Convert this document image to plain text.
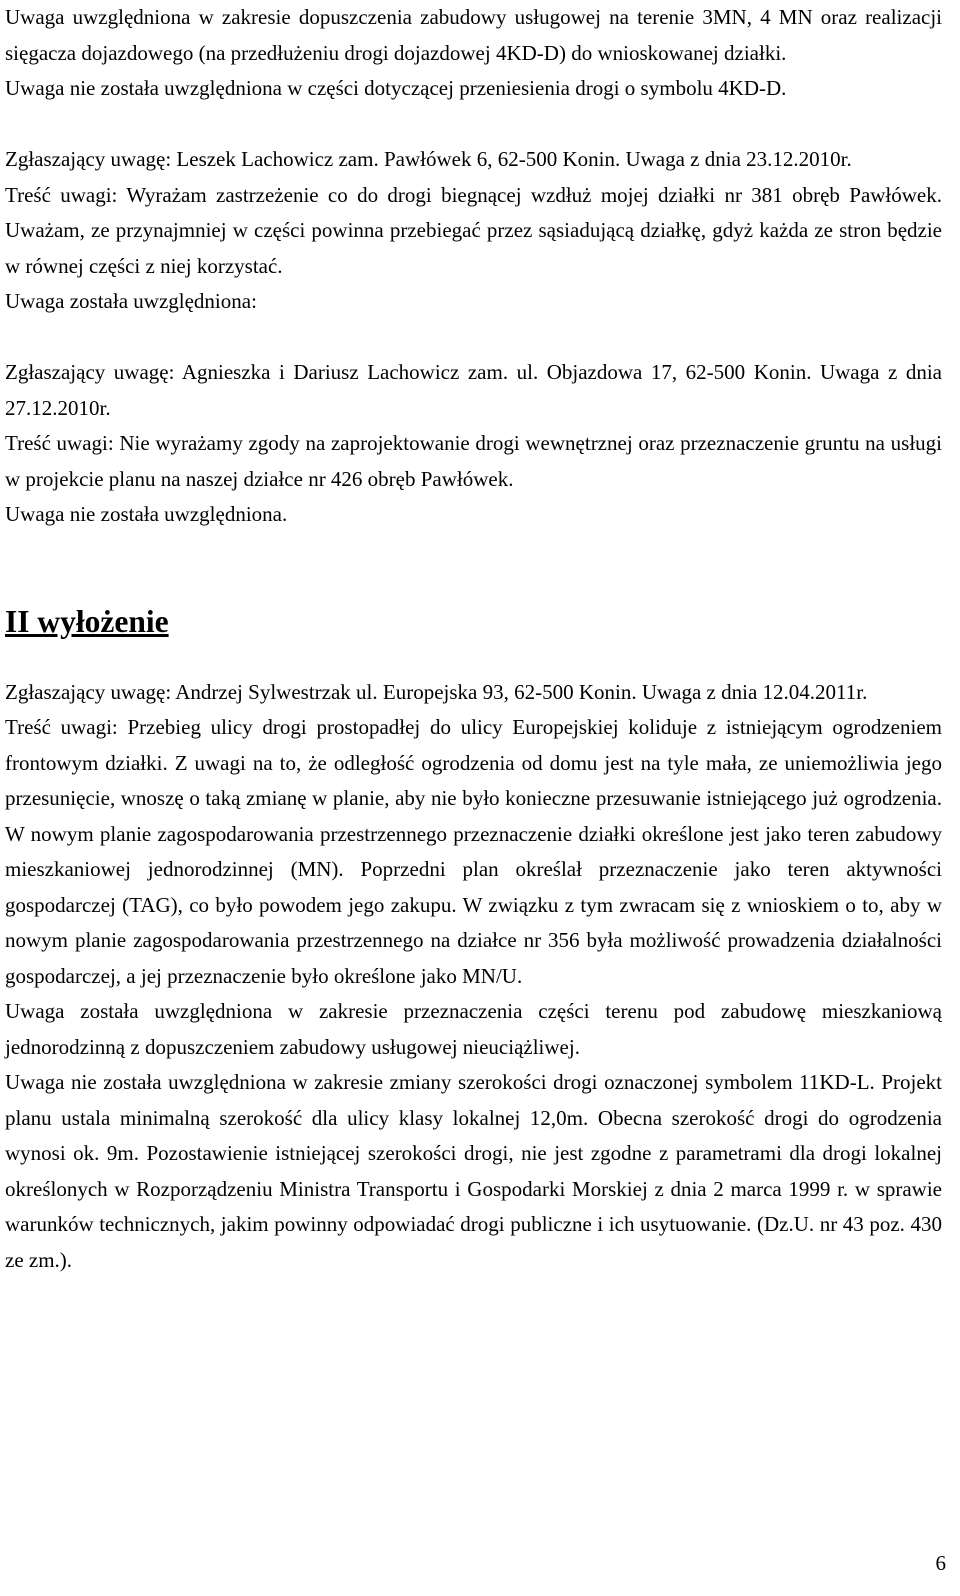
Uwaga uwzględniona w zakresie dopuszczenia zabudowy usługowej na terenie 3MN, 4 MN oraz realizacji sięgacza dojazdowego (na przedłużeniu drogi dojazdowej 4KD-D) do wnioskowanej działki.

Uwaga nie została uwzględniona w części dotyczącej przeniesienia drogi o symbolu 4KD-D.

Zgłaszający uwagę: Leszek Lachowicz zam. Pawłówek 6, 62-500 Konin. Uwaga z dnia 23.12.2010r.

Treść uwagi: Wyrażam zastrzeżenie co do drogi biegnącej wzdłuż mojej działki nr 381 obręb Pawłówek. Uważam, ze przynajmniej w części powinna przebiegać przez sąsiadującą działkę, gdyż każda ze stron będzie w równej części z niej korzystać.

Uwaga została uwzględniona:

Zgłaszający uwagę: Agnieszka i Dariusz Lachowicz zam. ul. Objazdowa 17, 62-500 Konin. Uwaga z dnia 27.12.2010r.

Treść uwagi: Nie wyrażamy zgody na zaprojektowanie drogi wewnętrznej oraz przeznaczenie gruntu na usługi w projekcie planu na naszej działce nr 426 obręb Pawłówek.

Uwaga nie została uwzględniona.

II wyłożenie

Zgłaszający uwagę: Andrzej Sylwestrzak ul. Europejska 93, 62-500 Konin. Uwaga z dnia 12.04.2011r.

Treść uwagi: Przebieg ulicy drogi prostopadłej do ulicy Europejskiej koliduje z istniejącym ogrodzeniem frontowym działki. Z uwagi na to, że odległość ogrodzenia od domu jest na tyle mała, ze uniemożliwia jego przesunięcie, wnoszę o taką zmianę w planie, aby nie było konieczne przesuwanie istniejącego już ogrodzenia. W nowym planie zagospodarowania przestrzennego przeznaczenie działki określone jest jako teren zabudowy mieszkaniowej jednorodzinnej (MN). Poprzedni plan określał przeznaczenie jako teren aktywności gospodarczej (TAG), co było powodem jego zakupu. W związku z tym zwracam się z wnioskiem o to, aby w nowym planie zagospodarowania przestrzennego na działce nr 356 była możliwość prowadzenia działalności gospodarczej, a jej przeznaczenie było określone jako MN/U.

Uwaga została uwzględniona w zakresie przeznaczenia części terenu pod zabudowę mieszkaniową jednorodzinną z dopuszczeniem zabudowy usługowej nieuciążliwej.

Uwaga nie została uwzględniona w zakresie zmiany szerokości drogi oznaczonej symbolem 11KD-L. Projekt planu ustala minimalną szerokość dla ulicy klasy lokalnej 12,0m. Obecna szerokość drogi do ogrodzenia wynosi ok. 9m. Pozostawienie istniejącej szerokości drogi, nie jest zgodne z parametrami dla drogi lokalnej określonych w Rozporządzeniu Ministra Transportu i Gospodarki Morskiej z dnia 2 marca 1999 r. w sprawie warunków technicznych, jakim powinny odpowiadać drogi publiczne i ich usytuowanie. (Dz.U. nr 43 poz. 430 ze zm.).

6
